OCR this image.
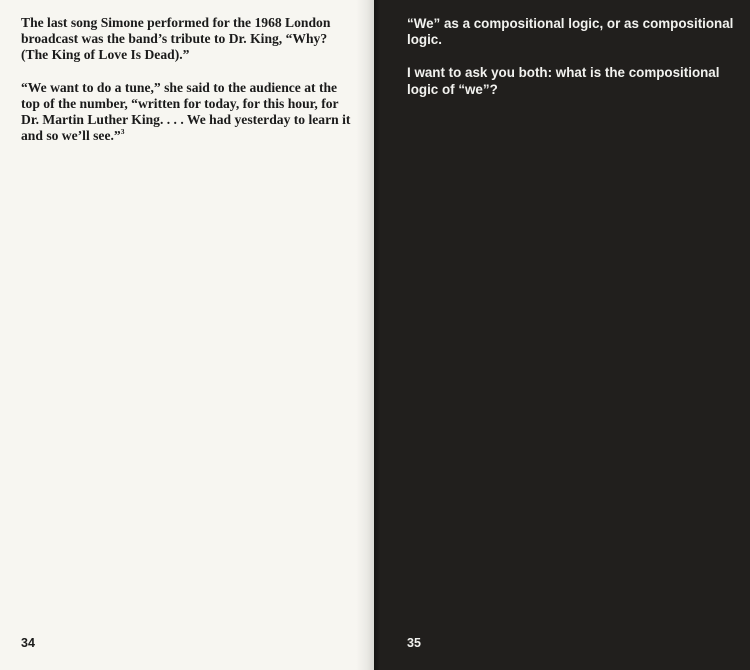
The last song Simone performed for the 1968 London broadcast was the band’s tribute to Dr. King, “Why? (The King of Love Is Dead).”

“We want to do a tune,” she said to the audience at the top of the number, “written for today, for this hour, for Dr. Martin Luther King. . . . We had yesterday to learn it and so we’ll see.”$^3$

“We” as a compositional logic, or as compositional logic.

I want to ask you both: what is the compositional logic of “we”?

34	35
